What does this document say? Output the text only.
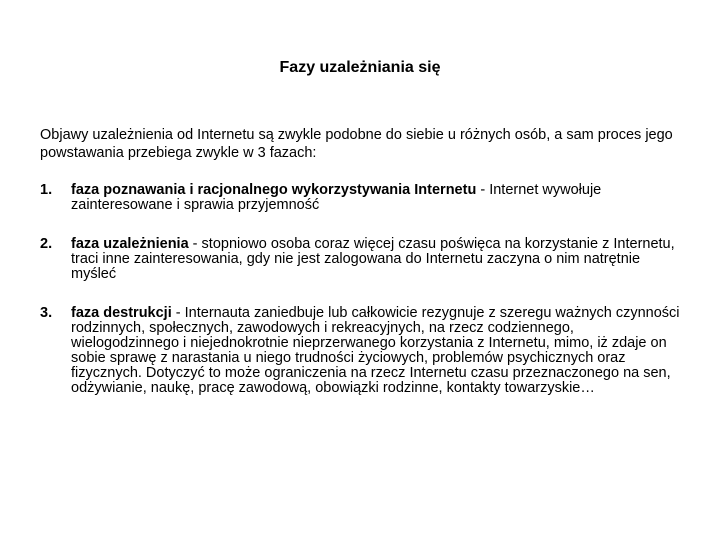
Fazy uzależniania się
Objawy uzależnienia od Internetu są zwykle podobne do siebie u różnych osób, a sam proces jego powstawania przebiega zwykle w 3 fazach:
1. faza poznawania i racjonalnego wykorzystywania Internetu - Internet wywołuje zainteresowane i sprawia przyjemność
2. faza uzależnienia - stopniowo osoba coraz więcej czasu poświęca na korzystanie z Internetu, traci inne zainteresowania, gdy nie jest zalogowana do Internetu zaczyna o nim natrętnie myśleć
3. faza destrukcji - Internauta zaniedbuje lub całkowicie rezygnuje z szeregu ważnych czynności rodzinnych, społecznych, zawodowych i rekreacyjnych, na rzecz codziennego, wielogodzinnego i niejednokrotnie nieprzerwanego korzystania z Internetu, mimo, iż zdaje on sobie sprawę z narastania u niego trudności życiowych, problemów psychicznych oraz fizycznych. Dotyczyć to może ograniczenia na rzecz Internetu czasu przeznaczonego na sen, odżywianie, naukę, pracę zawodową, obowiązki rodzinne, kontakty towarzyskie…
